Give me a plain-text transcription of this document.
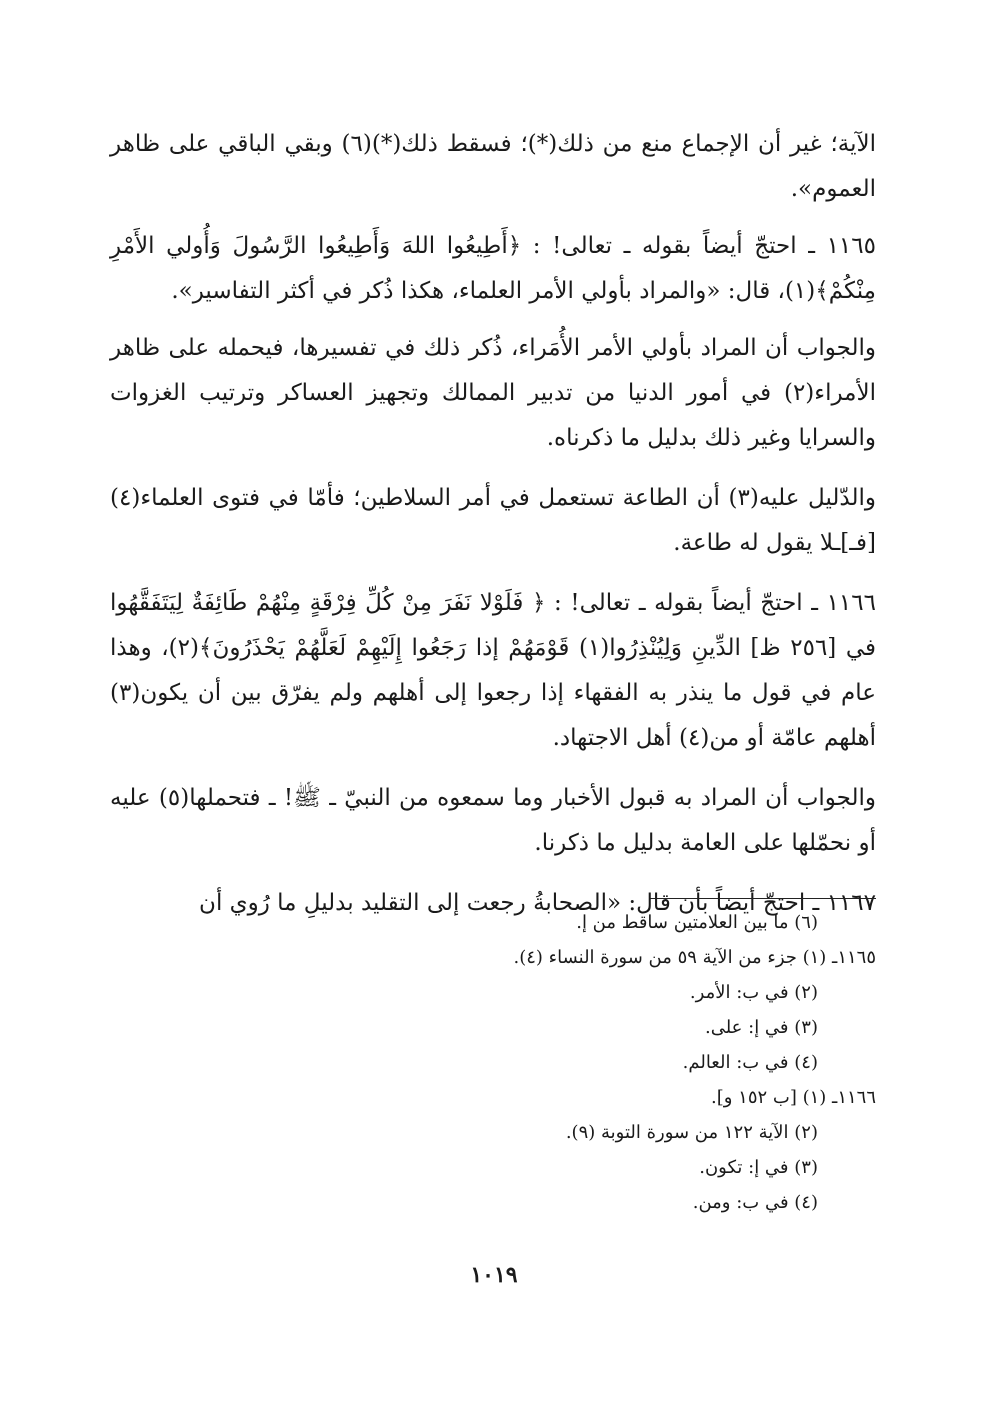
الآية؛ غير أن الإجماع منع من ذلك(*)؛ فسقط ذلك(*)(٦) وبقي الباقي على ظاهر العموم».

١١٦٥ ـ احتجّ أيضاً بقوله ـ تعالى! : ﴿أَطِيعُوا اللهَ وَأَطِيعُوا الرَّسُولَ وَأُولي الأَمْرِ مِنْكُمْ﴾(١)، قال: «والمراد بأولي الأمر العلماء، هكذا ذُكر في أكثر التفاسير».

والجواب أن المراد بأولي الأمر الأُمَراء، ذُكر ذلك في تفسيرها، فيحمله على ظاهر الأمراء(٢) في أمور الدنيا من تدبير الممالك وتجهيز العساكر وترتيب الغزوات والسرايا وغير ذلك بدليل ما ذكرناه.

والدّليل عليه(٣) أن الطاعة تستعمل في أمر السلاطين؛ فأمّا في فتوى العلماء(٤) [فـ]ـلا يقول له طاعة.

١١٦٦ ـ احتجّ أيضاً بقوله ـ تعالى! : ﴿ فَلَوْلا نَفَرَ مِنْ كُلِّ فِرْقَةٍ مِنْهُمْ طَائِفَةٌ لِيَتَفَقَّهُوا في [٢٥٦ ظ] الدِّينِ وَلِيُنْذِرُوا(١) قَوْمَهُمْ إذا رَجَعُوا إِلَيْهِمْ لَعَلَّهُمْ يَحْذَرُونَ﴾(٢)، وهذا عام في قول ما ينذر به الفقهاء إذا رجعوا إلى أهلهم ولم يفرّق بين أن يكون(٣) أهلهم عامّة أو من(٤) أهل الاجتهاد.

والجواب أن المراد به قبول الأخبار وما سمعوه من النبيّ ـ ﷺ! ـ فتحملها(٥) عليه أو نحمّلها على العامة بدليل ما ذكرنا.

١١٦٧ ـ احتجّ أيضاً بأن قال: «الصحابةُ رجعت إلى التقليد بدليلِ ما رُوي أن

(٦) ما بين العلامتين ساقط من إ.
١١٦٥ـ (١) جزء من الآية ٥٩ من سورة النساء (٤).
(٢) في ب: الأمر.
(٣) في إ: على.
(٤) في ب: العالم.
١١٦٦ـ (١) [ب ١٥٢ و].
(٢) الآية ١٢٢ من سورة التوبة (٩).
(٣) في إ: تكون.
(٤) في ب: ومن.
١٠١٩
